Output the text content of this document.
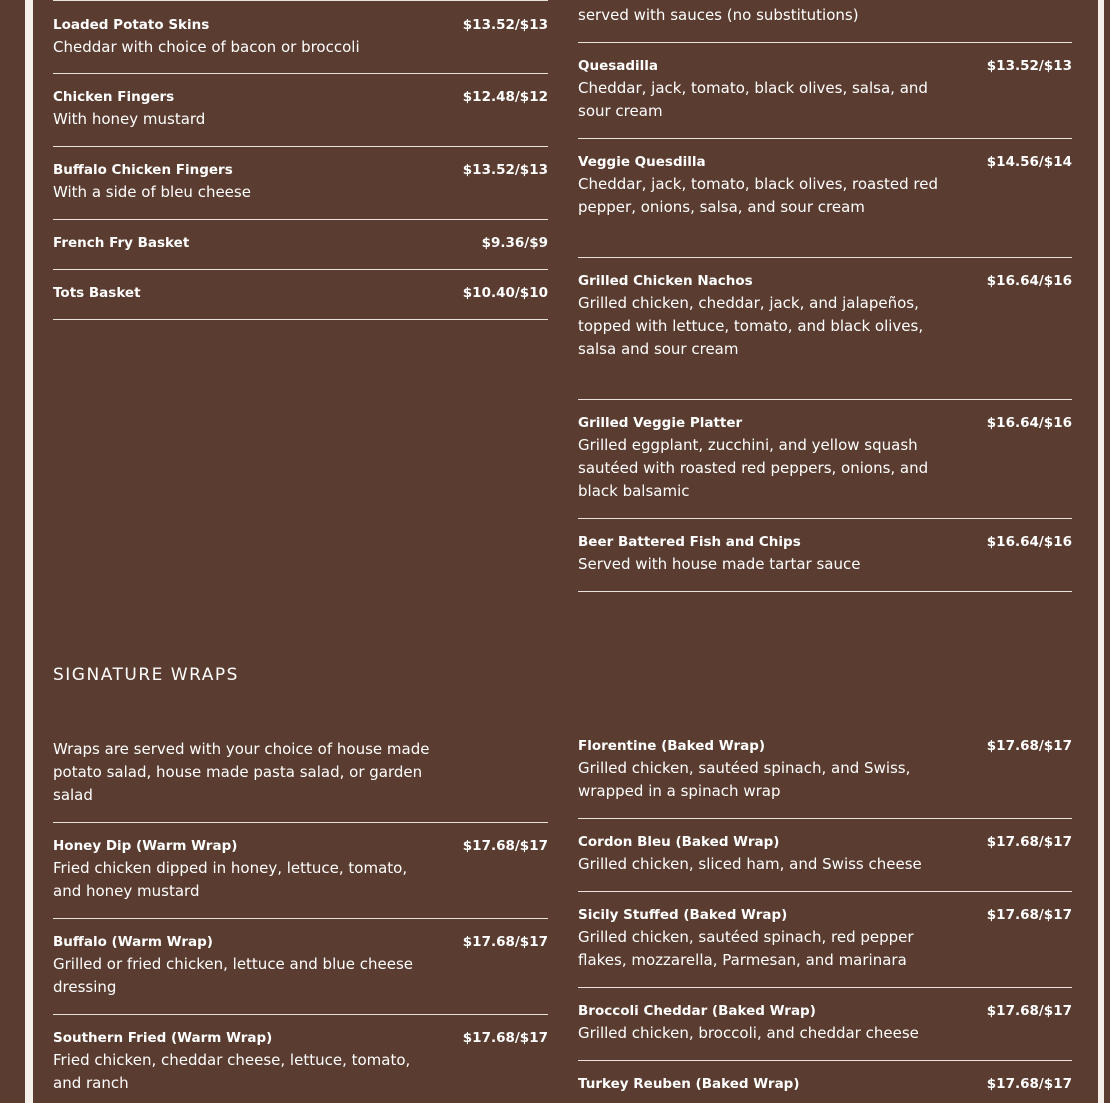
Loaded Potato Skins	$13.52/$13
Cheddar with choice of bacon or broccoli
Chicken Fingers	$12.48/$12
With honey mustard
Buffalo Chicken Fingers	$13.52/$13
With a side of bleu cheese
French Fry Basket	$9.36/$9
Tots Basket	$10.40/$10
served with sauces (no substitutions)
Quesadilla	$13.52/$13
Cheddar, jack, tomato, black olives, salsa, and sour cream
Veggie Quesdilla	$14.56/$14
Cheddar, jack, tomato, black olives, roasted red pepper, onions, salsa, and sour cream
Grilled Chicken Nachos	$16.64/$16
Grilled chicken, cheddar, jack, and jalapeños, topped with lettuce, tomato, and black olives, salsa and sour cream
Grilled Veggie Platter	$16.64/$16
Grilled eggplant, zucchini, and yellow squash sautéed with roasted red peppers, onions, and black balsamic
Beer Battered Fish and Chips	$16.64/$16
Served with house made tartar sauce
SIGNATURE WRAPS
Wraps are served with your choice of house made potato salad, house made pasta salad, or garden salad
Honey Dip (Warm Wrap)	$17.68/$17
Fried chicken dipped in honey, lettuce, tomato, and honey mustard
Buffalo (Warm Wrap)	$17.68/$17
Grilled or fried chicken, lettuce and blue cheese dressing
Southern Fried (Warm Wrap)	$17.68/$17
Fried chicken, cheddar cheese, lettuce, tomato, and ranch
Florentine (Baked Wrap)	$17.68/$17
Grilled chicken, sautéed spinach, and Swiss, wrapped in a spinach wrap
Cordon Bleu (Baked Wrap)	$17.68/$17
Grilled chicken, sliced ham, and Swiss cheese
Sicily Stuffed (Baked Wrap)	$17.68/$17
Grilled chicken, sautéed spinach, red pepper flakes, mozzarella, Parmesan, and marinara
Broccoli Cheddar (Baked Wrap)	$17.68/$17
Grilled chicken, broccoli, and cheddar cheese
Turkey Reuben (Baked Wrap)	$17.68/$17
